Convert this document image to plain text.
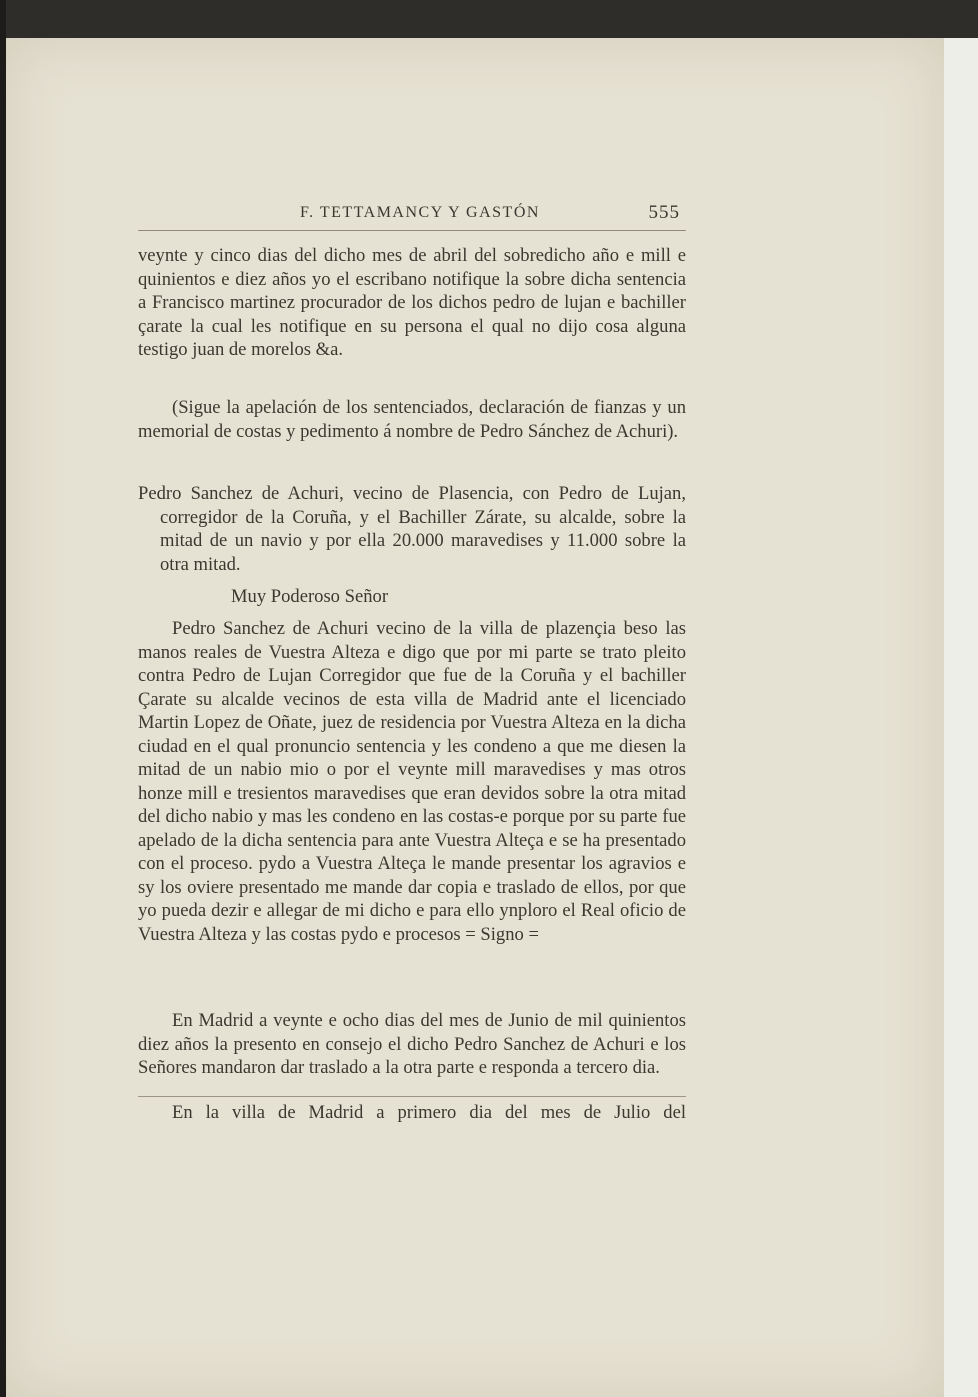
F. TETTAMANCY Y GASTÓN	555

veynte y cinco dias del dicho mes de abril del sobredicho año e mill e quinientos e diez años yo el escribano notifique la sobre dicha sentencia a Francisco martinez procurador de los dichos pedro de lujan e bachiller çarate la cual les notifique en su persona el qual no dijo cosa alguna testigo juan de morelos &a.

(Sigue la apelación de los sentenciados, declaración de fianzas y un memorial de costas y pedimento á nombre de Pedro Sánchez de Achuri).

Pedro Sanchez de Achuri, vecino de Plasencia, con Pedro de Lujan, corregidor de la Coruña, y el Bachiller Zárate, su alcalde, sobre la mitad de un navio y por ella 20.000 maravedises y 11.000 sobre la otra mitad.

Muy Poderoso Señor

Pedro Sanchez de Achuri vecino de la villa de plazençia beso las manos reales de Vuestra Alteza e digo que por mi parte se trato pleito contra Pedro de Lujan Corregidor que fue de la Coruña y el bachiller Çarate su alcalde vecinos de esta villa de Madrid ante el licenciado Martin Lopez de Oñate, juez de residencia por Vuestra Alteza en la dicha ciudad en el qual pronuncio sentencia y les condeno a que me diesen la mitad de un nabio mio o por el veynte mill maravedises y mas otros honze mill e tresientos maravedises que eran devidos sobre la otra mitad del dicho nabio y mas les condeno en las costas-e porque por su parte fue apelado de la dicha sentencia para ante Vuestra Alteça e se ha presentado con el proceso. pydo a Vuestra Alteça le mande presentar los agravios e sy los oviere presentado me mande dar copia e traslado de ellos, por que yo pueda dezir e allegar de mi dicho e para ello ynploro el Real oficio de Vuestra Alteza y las costas pydo e procesos = Signo =

En Madrid a veynte e ocho dias del mes de Junio de mil quinientos diez años la presento en consejo el dicho Pedro Sanchez de Achuri e los Señores mandaron dar traslado a la otra parte e responda a tercero dia.

En la villa de Madrid a primero dia del mes de Julio del
